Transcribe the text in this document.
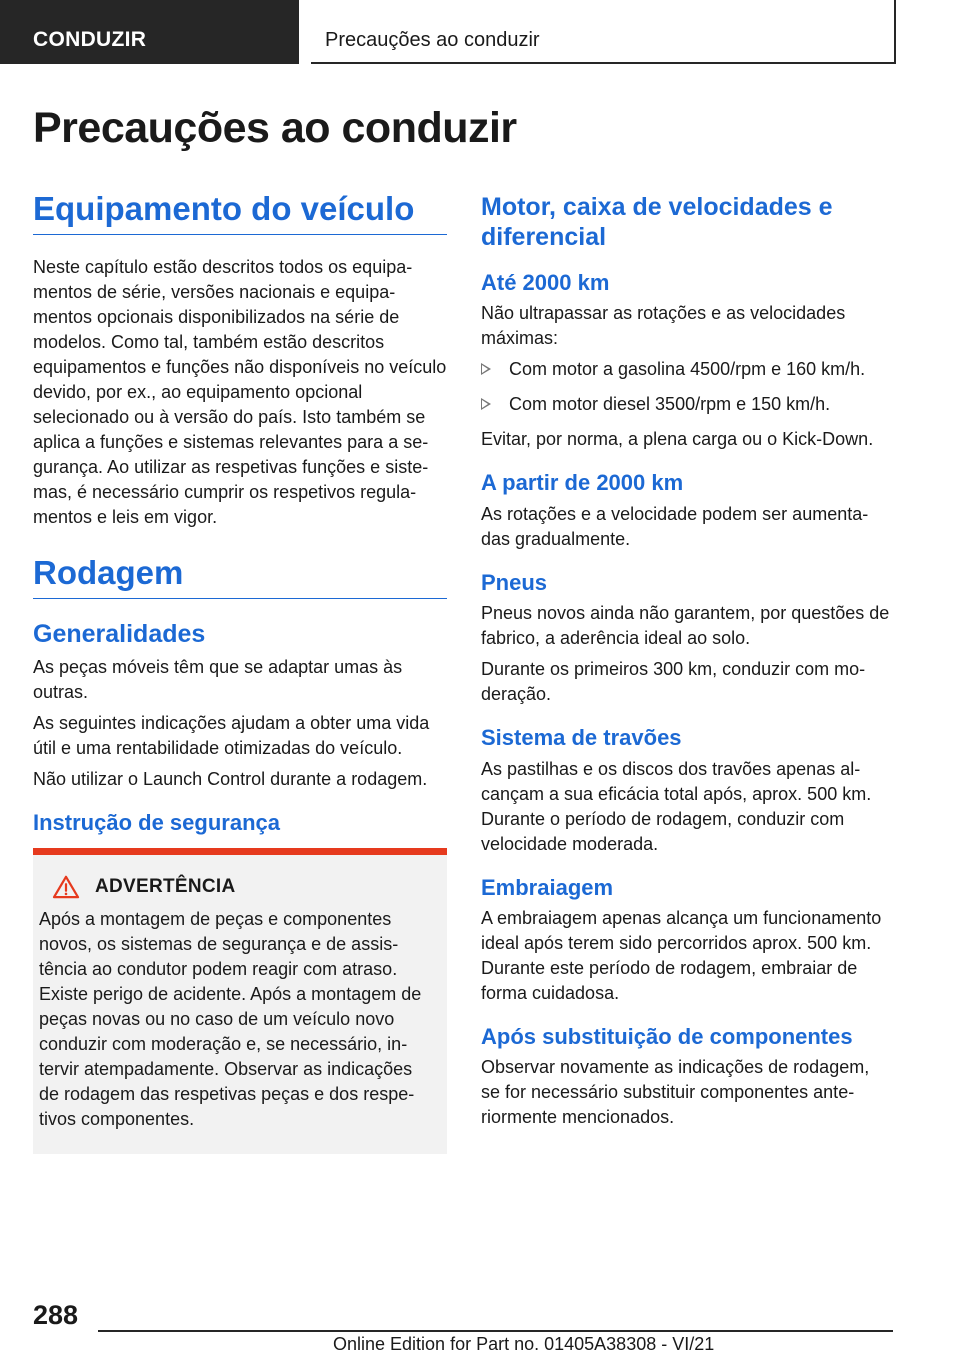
CONDUZIR	Precauções ao conduzir
Precauções ao conduzir
Equipamento do veículo

Neste capítulo estão descritos todos os equipamentos de série, versões nacionais e equipamentos opcionais disponibilizados na série de modelos. Como tal, também estão descritos equipamentos e funções não disponíveis no veículo devido, por ex., ao equipamento opcional selecionado ou à versão do país. Isto também se aplica a funções e sistemas relevantes para a segurança. Ao utilizar as respetivas funções e sistemas, é necessário cumprir os respetivos regulamentos e leis em vigor.

Rodagem
Generalidades

As peças móveis têm que se adaptar umas às outras.

As seguintes indicações ajudam a obter uma vida útil e uma rentabilidade otimizadas do veículo.

Não utilizar o Launch Control durante a rodagem.

Instrução de segurança
ADVERTÊNCIA

Após a montagem de peças e componentes novos, os sistemas de segurança e de assistência ao condutor podem reagir com atraso. Existe perigo de acidente. Após a montagem de peças novas ou no caso de um veículo novo conduzir com moderação e, se necessário, intervir atempadamente. Observar as indicações de rodagem das respetivas peças e dos respetivos componentes.

Motor, caixa de velocidades e diferencial
Até 2000 km

Não ultrapassar as rotações e as velocidades máximas:

Com motor a gasolina 4500/rpm e 160 km/h.
Com motor diesel 3500/rpm e 150 km/h.

Evitar, por norma, a plena carga ou o Kick-Down.

A partir de 2000 km

As rotações e a velocidade podem ser aumentadas gradualmente.

Pneus

Pneus novos ainda não garantem, por questões de fabrico, a aderência ideal ao solo.

Durante os primeiros 300 km, conduzir com moderação.

Sistema de travões

As pastilhas e os discos dos travões apenas alcançam a sua eficácia total após, aprox. 500 km. Durante o período de rodagem, conduzir com velocidade moderada.

Embraiagem

A embraiagem apenas alcança um funcionamento ideal após terem sido percorridos aprox. 500 km. Durante este período de rodagem, embraiar de forma cuidadosa.

Após substituição de componentes

Observar novamente as indicações de rodagem, se for necessário substituir componentes anteriormente mencionados.

288
Online Edition for Part no. 01405A38308 - VI/21
